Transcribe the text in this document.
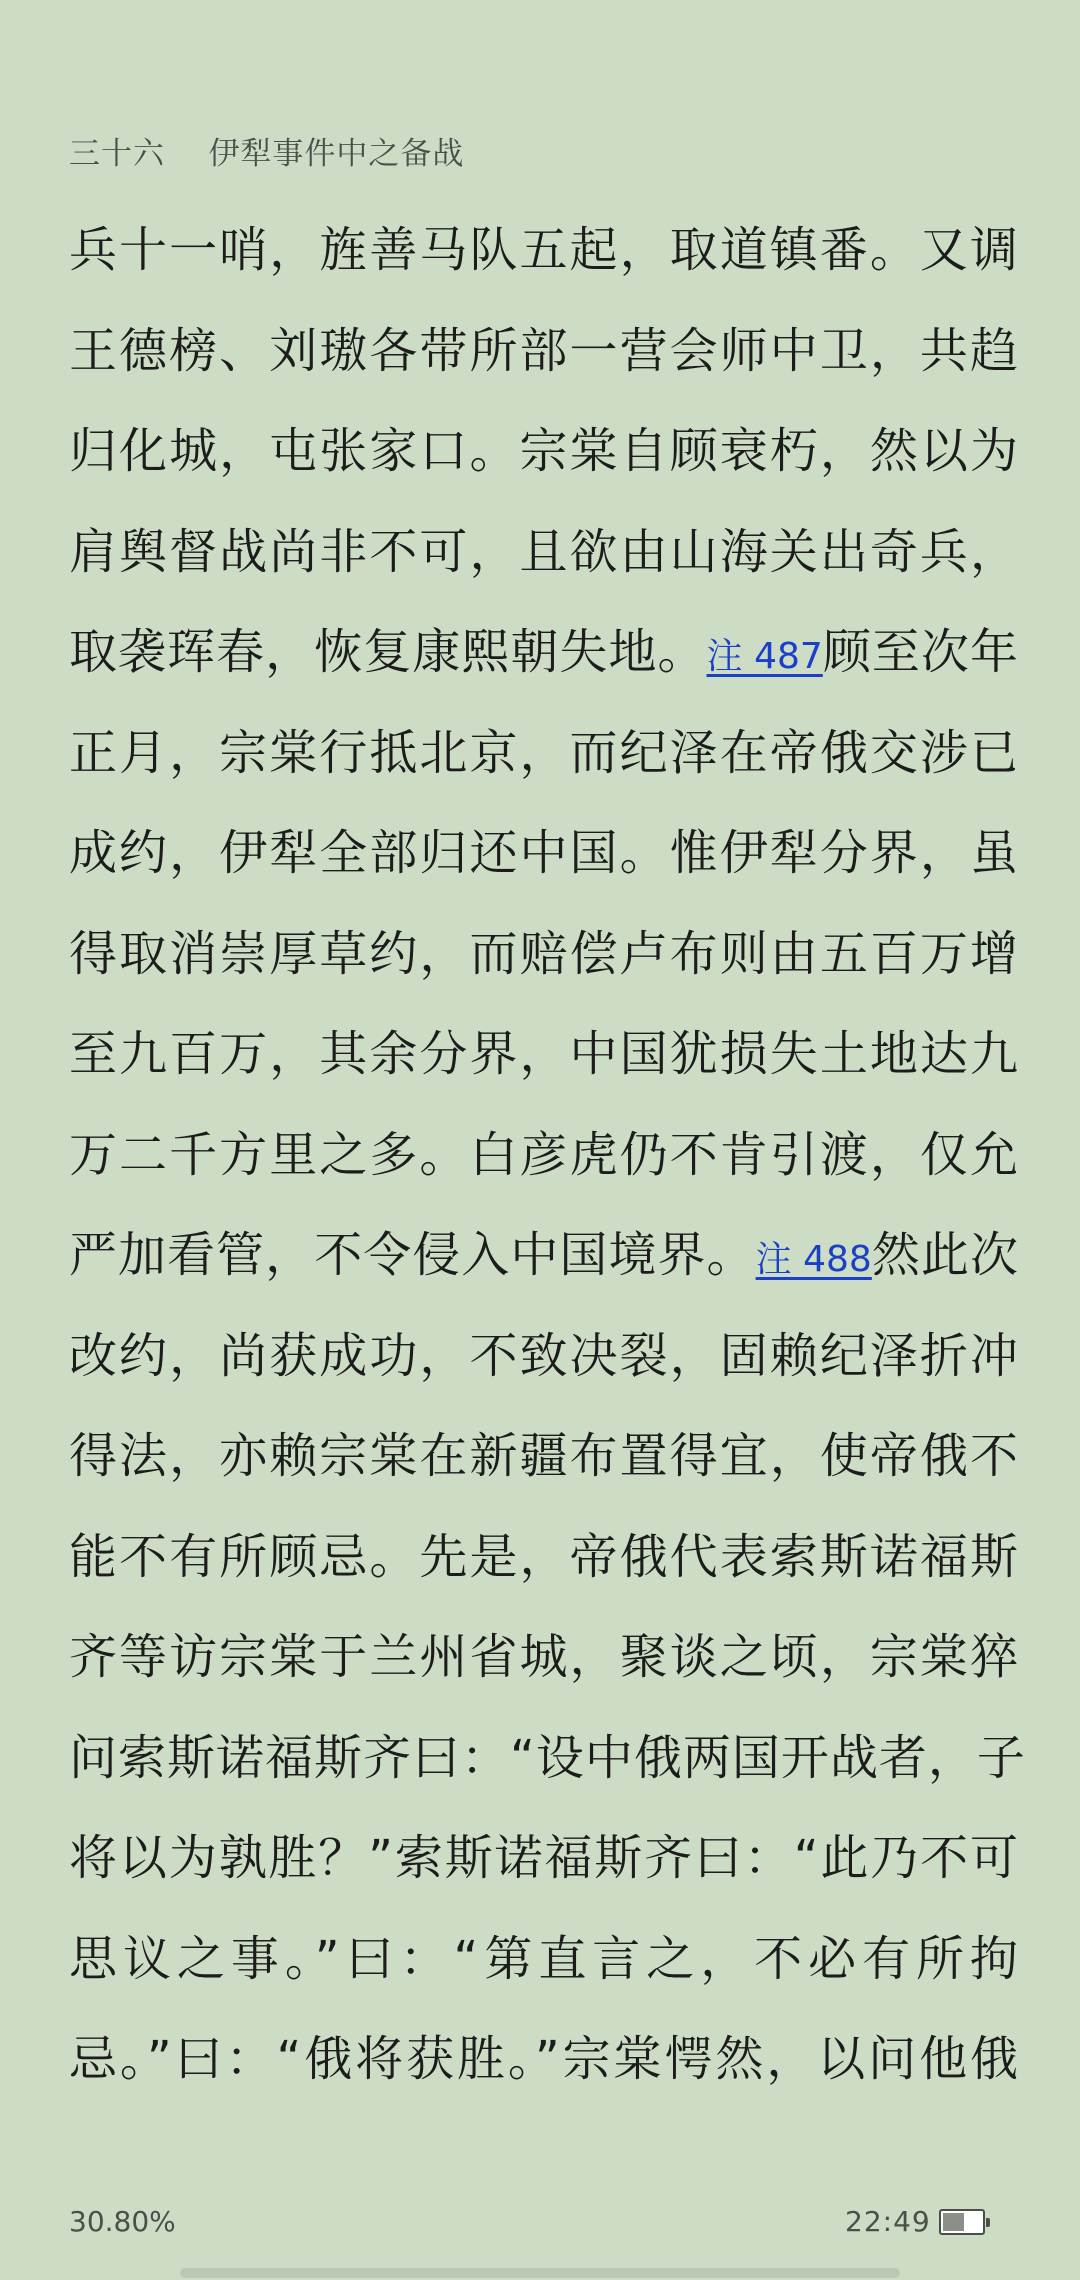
三十六    伊犁事件中之备战
兵十一哨，旌善马队五起，取道镇番。又调
王德榜、刘璈各带所部一营会师中卫，共趋
归化城，屯张家口。宗棠自顾衰朽，然以为
肩舆督战尚非不可，且欲由山海关出奇兵，
取袭珲春，恢复康熙朝失地。注 487顾至次年
正月，宗棠行抵北京，而纪泽在帝俄交涉已
成约，伊犁全部归还中国。惟伊犁分界，虽
得取消崇厚草约，而赔偿卢布则由五百万增
至九百万，其余分界，中国犹损失土地达九
万二千方里之多。白彦虎仍不肯引渡，仅允
严加看管，不令侵入中国境界。注 488然此次
改约，尚获成功，不致决裂，固赖纪泽折冲
得法，亦赖宗棠在新疆布置得宜，使帝俄不
能不有所顾忌。先是，帝俄代表索斯诺福斯
齐等访宗棠于兰州省城，聚谈之顷，宗棠猝
问索斯诺福斯齐曰：“设中俄两国开战者，子
将以为孰胜？”索斯诺福斯齐曰：“此乃不可
思议之事。”曰：“第直言之，不必有所拘
忌。”曰：“俄将获胜。”宗棠愕然，以问他俄
30.80%	22:49
